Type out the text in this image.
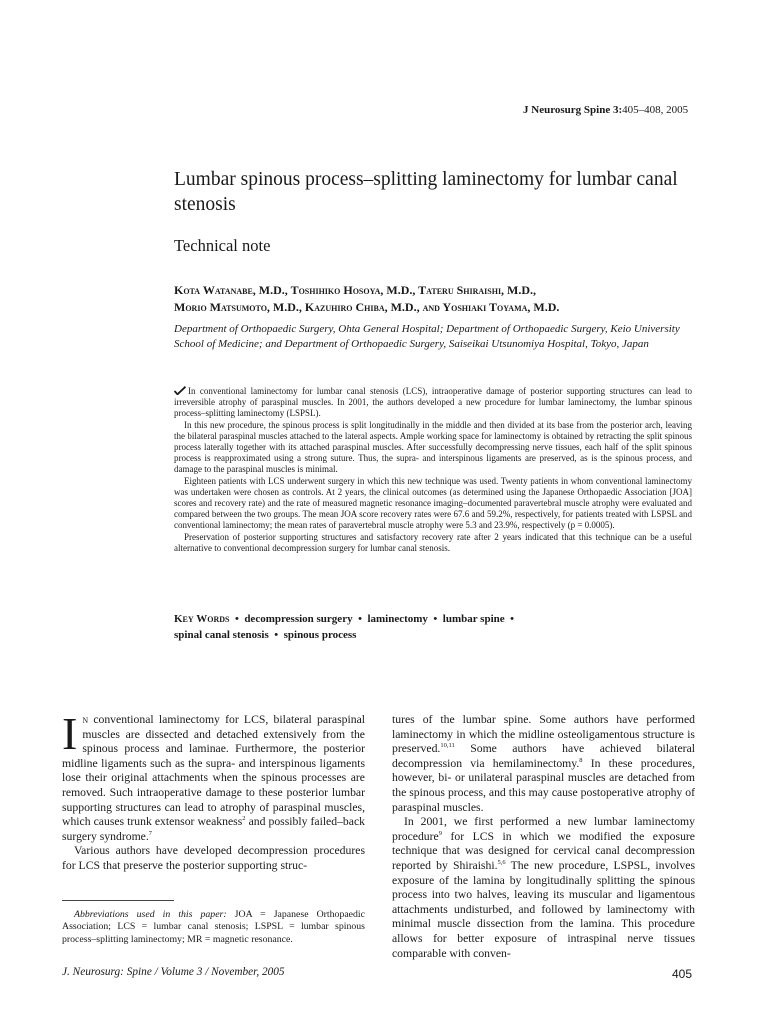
J Neurosurg Spine 3:405–408, 2005
Lumbar spinous process–splitting laminectomy for lumbar canal stenosis
Technical note
Kota Watanabe, M.D., Toshihiko Hosoya, M.D., Tateru Shiraishi, M.D.,
Morio Matsumoto, M.D., Kazuhiro Chiba, M.D., and Yoshiaki Toyama, M.D.
Department of Orthopaedic Surgery, Ohta General Hospital; Department of Orthopaedic Surgery, Keio University School of Medicine; and Department of Orthopaedic Surgery, Saiseikai Utsunomiya Hospital, Tokyo, Japan

In conventional laminectomy for lumbar canal stenosis (LCS), intraoperative damage of posterior supporting structures can lead to irreversible atrophy of paraspinal muscles. In 2001, the authors developed a new procedure for lumbar laminectomy, the lumbar spinous process–splitting laminectomy (LSPSL).

In this new procedure, the spinous process is split longitudinally in the middle and then divided at its base from the posterior arch, leaving the bilateral paraspinal muscles attached to the lateral aspects. Ample working space for laminectomy is obtained by retracting the split spinous process laterally together with its attached paraspinal muscles. After successfully decompressing nerve tissues, each half of the split spinous process is reapproximated using a strong suture. Thus, the supra- and interspinous ligaments are preserved, as is the spinous process, and damage to the paraspinal muscles is minimal.

Eighteen patients with LCS underwent surgery in which this new technique was used. Twenty patients in whom conventional laminectomy was undertaken were chosen as controls. At 2 years, the clinical outcomes (as determined using the Japanese Orthopaedic Association [JOA] scores and recovery rate) and the rate of measured magnetic resonance imaging–documented paravertebral muscle atrophy were evaluated and compared between the two groups. The mean JOA score recovery rates were 67.6 and 59.2%, respectively, for patients treated with LSPSL and conventional laminectomy; the mean rates of paravertebral muscle atrophy were 5.3 and 23.9%, respectively (p = 0.0005).

Preservation of posterior supporting structures and satisfactory recovery rate after 2 years indicated that this technique can be a useful alternative to conventional decompression surgery for lumbar canal stenosis.

Key Words • decompression surgery • laminectomy • lumbar spine •
spinal canal stenosis • spinous process

In conventional laminectomy for LCS, bilateral paraspinal muscles are dissected and detached extensively from the spinous process and laminae. Furthermore, the posterior midline ligaments such as the supra- and interspinous ligaments lose their original attachments when the spinous processes are removed. Such intraoperative damage to these posterior lumbar supporting structures can lead to atrophy of paraspinal muscles, which causes trunk extensor weakness$^2$ and possibly failed–back surgery syndrome.$^7$

Various authors have developed decompression procedures for LCS that preserve the posterior supporting struc-

Abbreviations used in this paper: JOA = Japanese Orthopaedic Association; LCS = lumbar canal stenosis; LSPSL = lumbar spinous process–splitting laminectomy; MR = magnetic resonance.

tures of the lumbar spine. Some authors have performed laminectomy in which the midline osteoligamentous structure is preserved.$^{10,11}$ Some authors have achieved bilateral decompression via hemilaminectomy.$^8$ In these procedures, however, bi- or unilateral paraspinal muscles are detached from the spinous process, and this may cause postoperative atrophy of paraspinal muscles.

In 2001, we first performed a new lumbar laminectomy procedure$^9$ for LCS in which we modified the exposure technique that was designed for cervical canal decompression reported by Shiraishi.$^{5,6}$ The new procedure, LSPSL, involves exposure of the lamina by longitudinally splitting the spinous process into two halves, leaving its muscular and ligamentous attachments undisturbed, and followed by laminectomy with minimal muscle dissection from the lamina. This procedure allows for better exposure of intraspinal nerve tissues comparable with conven-

J. Neurosurg: Spine / Volume 3 / November, 2005	405
